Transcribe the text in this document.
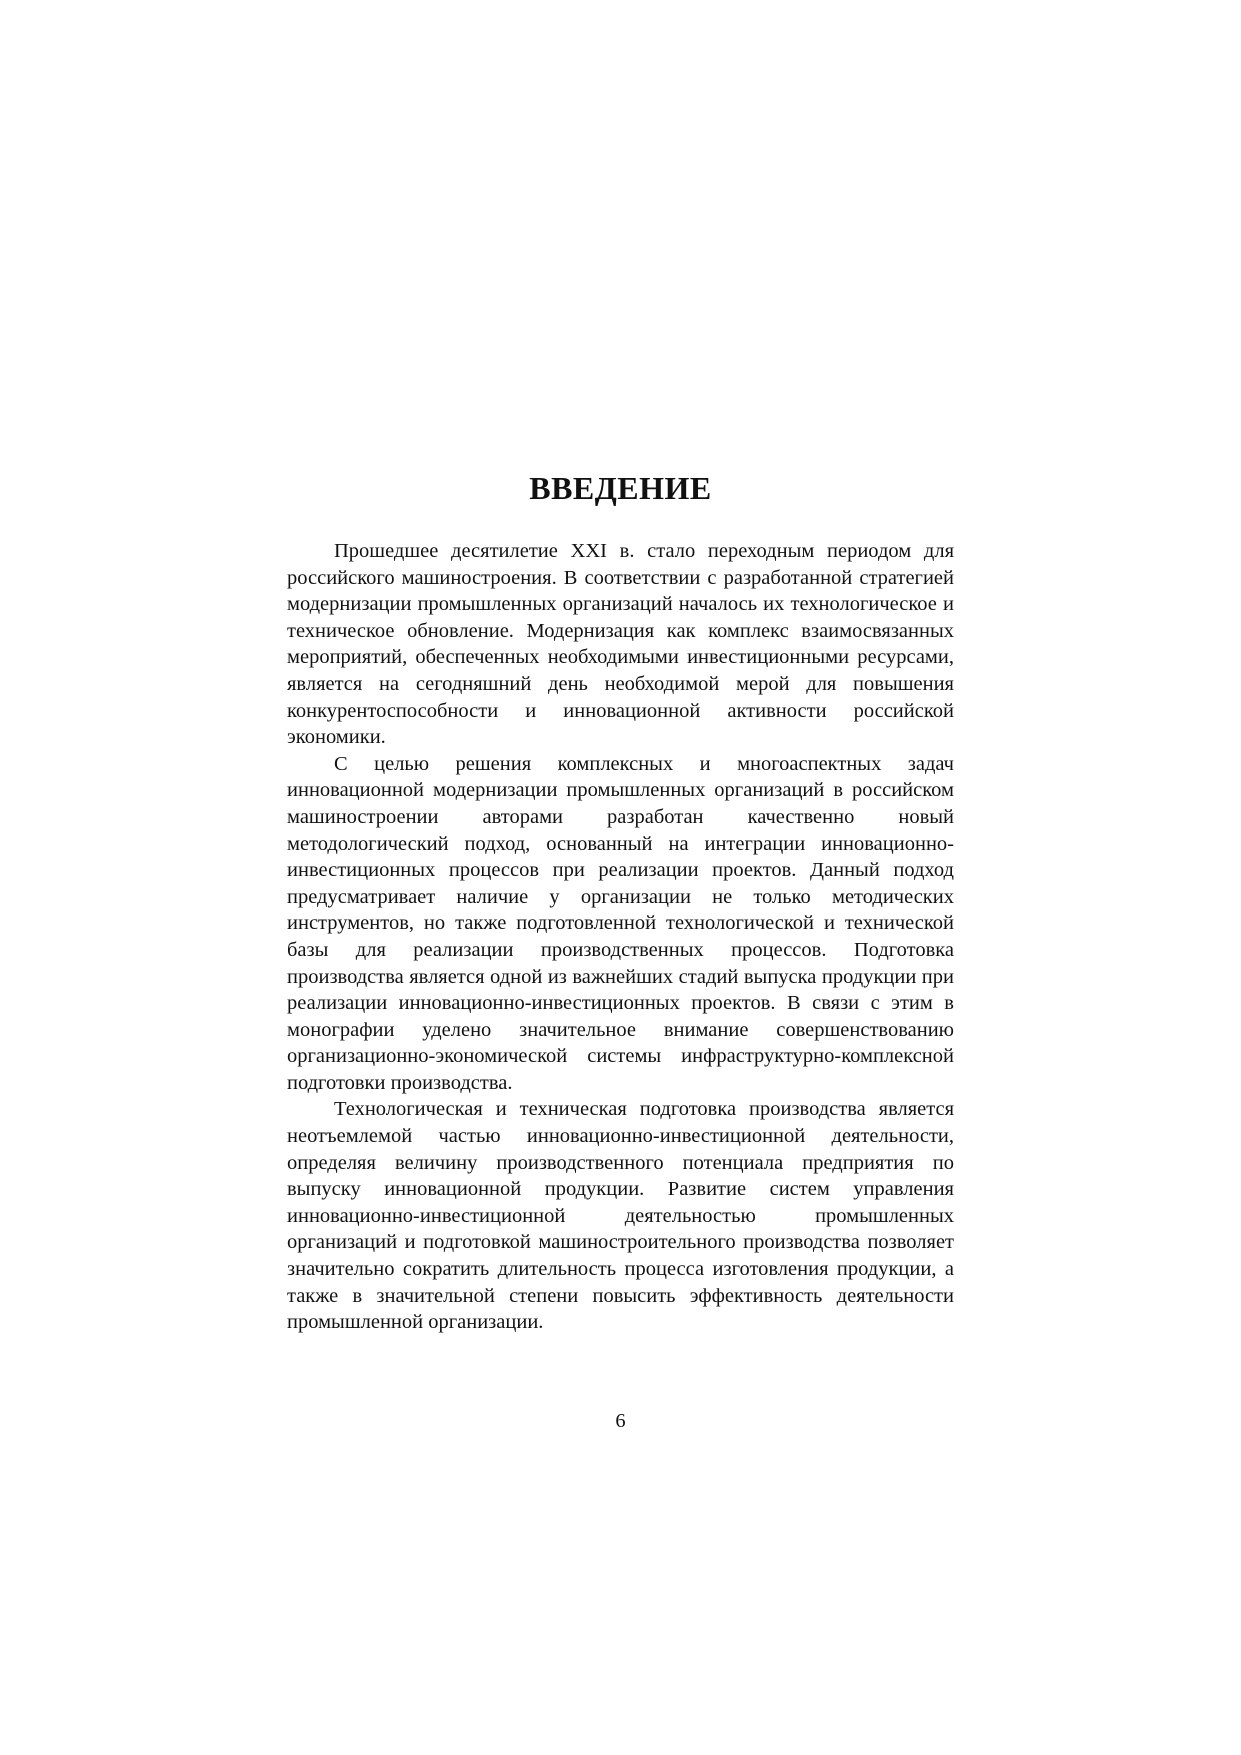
ВВЕДЕНИЕ

Прошедшее десятилетие XXI в. стало переходным периодом для российского машиностроения. В соответствии с разработанной стратегией модернизации промышленных организаций началось их технологическое и техническое обновление. Модернизация как комплекс взаимосвязанных мероприятий, обеспеченных необходимыми инвестиционными ресурсами, является на сегодняшний день необходимой мерой для повышения конкурентоспособности и инновационной активности российской экономики.

С целью решения комплексных и многоаспектных задач инновационной модернизации промышленных организаций в российском машиностроении авторами разработан качественно новый методологический подход, основанный на интеграции инновационно-инвестиционных процессов при реализации проектов. Данный подход предусматривает наличие у организации не только методических инструментов, но также подготовленной технологической и технической базы для реализации производственных процессов. Подготовка производства является одной из важнейших стадий выпуска продукции при реализации инновационно-инвестиционных проектов. В связи с этим в монографии уделено значительное внимание совершенствованию организационно-экономической системы инфраструктурно-комплексной подготовки производства.

Технологическая и техническая подготовка производства является неотъемлемой частью инновационно-инвестиционной деятельности, определяя величину производственного потенциала предприятия по выпуску инновационной продукции. Развитие систем управления инновационно-инвестиционной деятельностью промышленных организаций и подготовкой машиностроительного производства позволяет значительно сократить длительность процесса изготовления продукции, а также в значительной степени повысить эффективность деятельности промышленной организации.

6
